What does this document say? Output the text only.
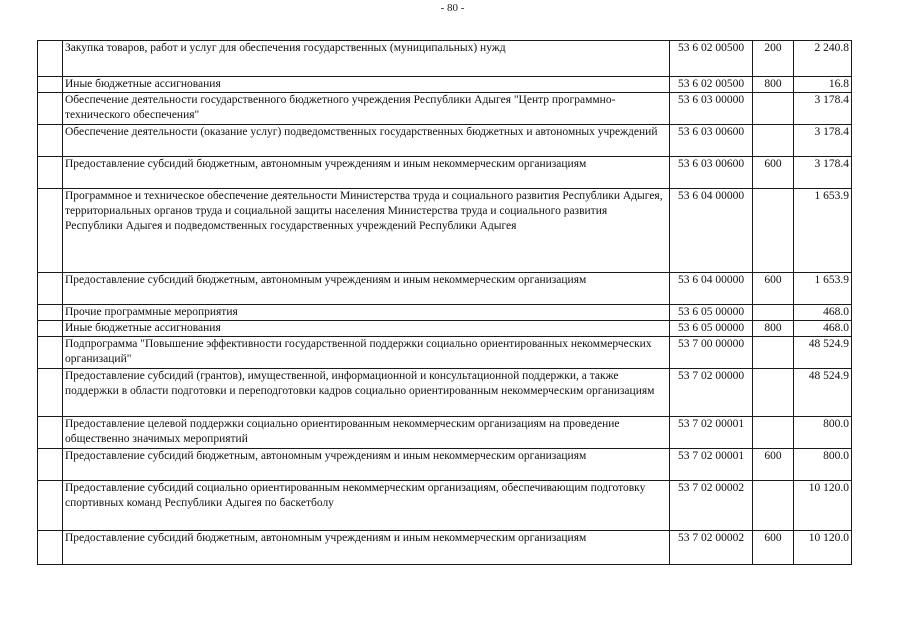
- 80 -
	Закупка товаров, работ и услуг для обеспечения государственных (муниципальных) нужд	53 6 02 00500	200	2 240.8
	Иные бюджетные ассигнования	53 6 02 00500	800	16.8
	Обеспечение деятельности государственного бюджетного учреждения Республики Адыгея "Центр программно-технического обеспечения"	53 6 03 00000		3 178.4
	Обеспечение деятельности (оказание услуг) подведомственных государственных бюджетных и автономных учреждений	53 6 03 00600		3 178.4
	Предоставление субсидий бюджетным, автономным учреждениям и иным некоммерческим организациям	53 6 03 00600	600	3 178.4
	Программное и техническое обеспечение деятельности Министерства труда и социального развития Республики Адыгея, территориальных органов труда и социальной защиты населения Министерства труда и социального развития Республики Адыгея и подведомственных государственных учреждений Республики Адыгея	53 6 04 00000		1 653.9
	Предоставление субсидий бюджетным, автономным учреждениям и иным некоммерческим организациям	53 6 04 00000	600	1 653.9
	Прочие программные мероприятия	53 6 05 00000		468.0
	Иные бюджетные ассигнования	53 6 05 00000	800	468.0
	Подпрограмма "Повышение эффективности государственной поддержки социально ориентированных некоммерческих организаций"	53 7 00 00000		48 524.9
	Предоставление субсидий (грантов), имущественной, информационной и консультационной поддержки, а также поддержки в области подготовки и переподготовки кадров социально ориентированным некоммерческим организациям	53 7 02 00000		48 524.9
	Предоставление целевой поддержки социально ориентированным некоммерческим организациям на проведение общественно значимых мероприятий	53 7 02 00001		800.0
	Предоставление субсидий бюджетным, автономным учреждениям и иным некоммерческим организациям	53 7 02 00001	600	800.0
	Предоставление субсидий социально ориентированным некоммерческим организациям, обеспечивающим подготовку спортивных команд Республики Адыгея по баскетболу	53 7 02 00002		10 120.0
	Предоставление субсидий бюджетным, автономным учреждениям и иным некоммерческим организациям	53 7 02 00002	600	10 120.0
